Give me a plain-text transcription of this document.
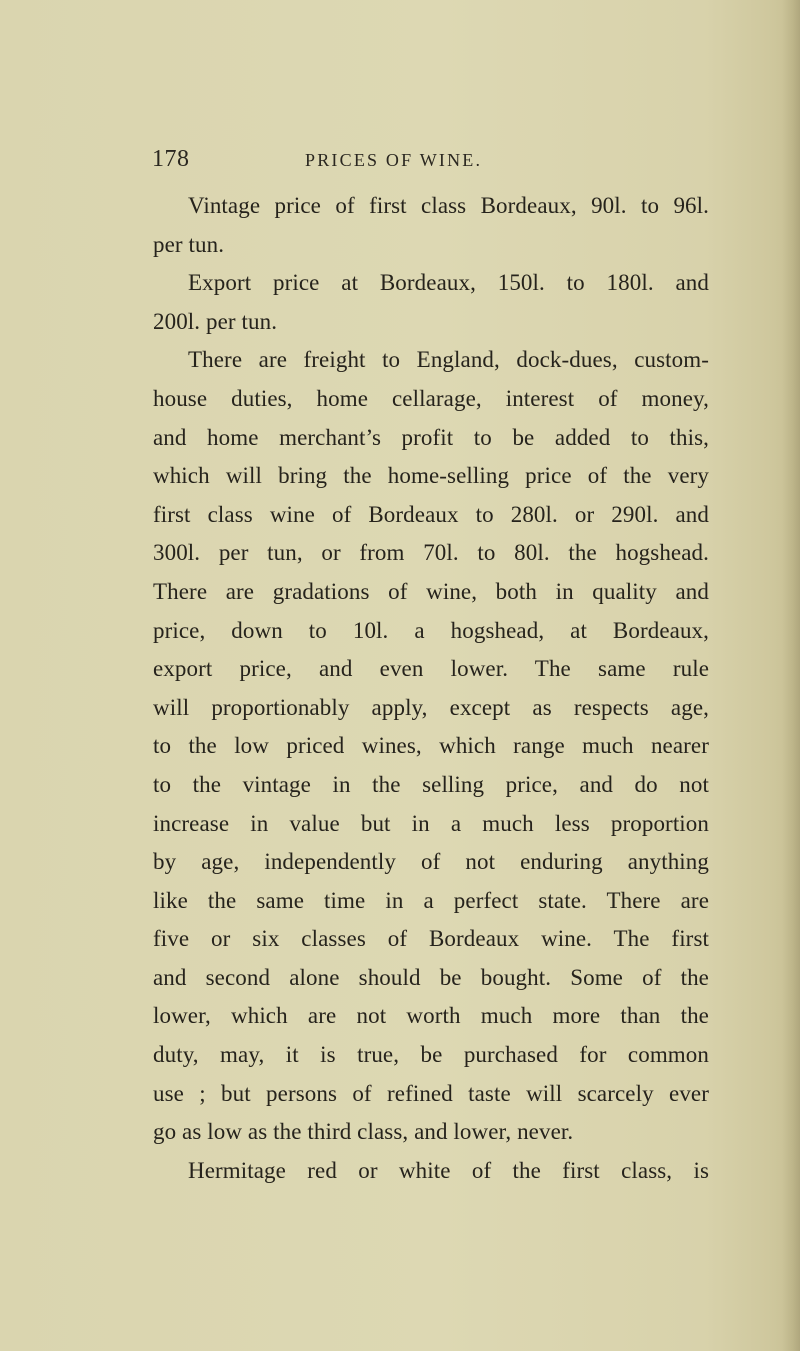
178	PRICES OF WINE.
Vintage price of first class Bordeaux, 90l. to 96l.
per tun.
Export price at Bordeaux, 150l. to 180l. and
200l. per tun.
There are freight to England, dock-dues, custom-
house duties, home cellarage, interest of money,
and home merchant’s profit to be added to this,
which will bring the home-selling price of the very
first class wine of Bordeaux to 280l. or 290l. and
300l. per tun, or from 70l. to 80l. the hogshead.
There are gradations of wine, both in quality and
price, down to 10l. a hogshead, at Bordeaux,
export price, and even lower. The same rule
will proportionably apply, except as respects age,
to the low priced wines, which range much nearer
to the vintage in the selling price, and do not
increase in value but in a much less proportion
by age, independently of not enduring anything
like the same time in a perfect state. There are
five or six classes of Bordeaux wine. The first
and second alone should be bought. Some of the
lower, which are not worth much more than the
duty, may, it is true, be purchased for common
use ; but persons of refined taste will scarcely ever
go as low as the third class, and lower, never.
Hermitage red or white of the first class, is
